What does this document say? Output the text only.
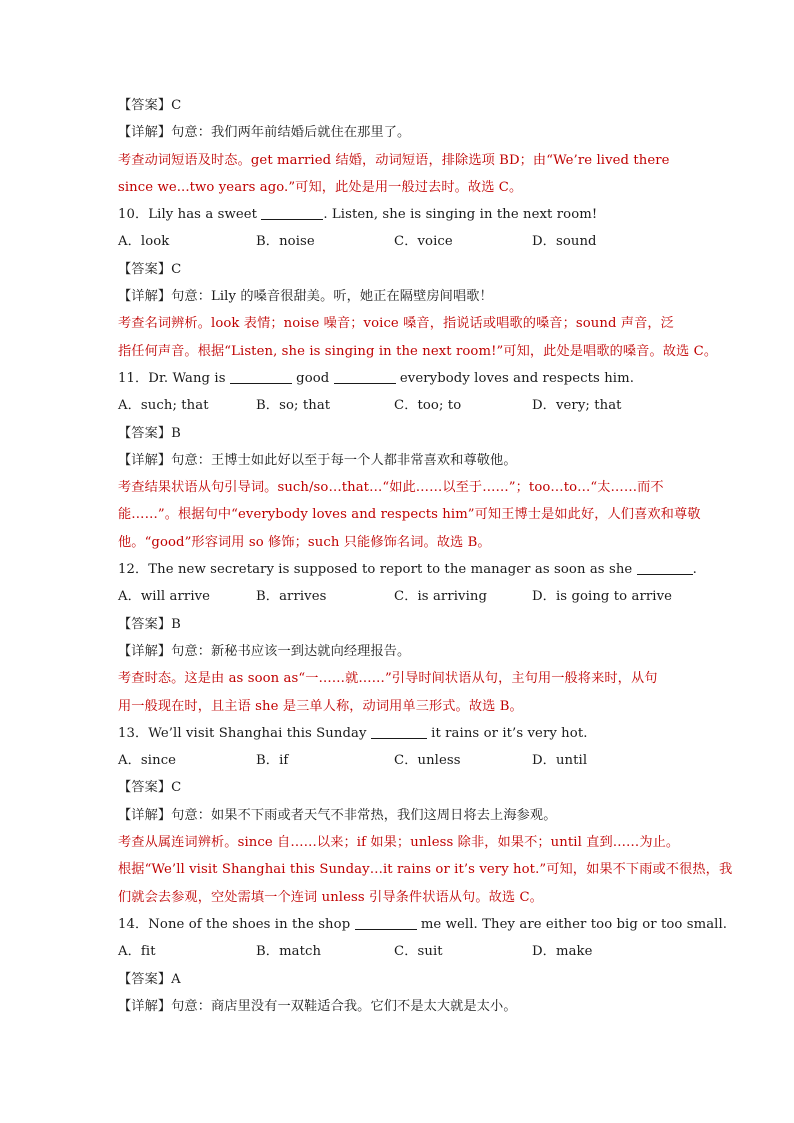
【答案】C
【详解】句意：我们两年前结婚后就住在那里了。
考查动词短语及时态。get married 结婚，动词短语，排除选项 BD；由“We’re lived there
since we...two years ago.”可知，此处是用一般过去时。故选 C。
10．Lily has a sweet	. Listen, she is singing in the next room!
A．look	B．noise	C．voice	D．sound
【答案】C
【详解】句意：Lily 的嗓音很甜美。听，她正在隔壁房间唱歌！
考查名词辨析。look 表情；noise 噪音；voice 嗓音，指说话或唱歌的嗓音；sound 声音，泛
指任何声音。根据“Listen, she is singing in the next room!”可知，此处是唱歌的嗓音。故选 C。
11．Dr. Wang is	good	everybody loves and respects him.
A．such; that	B．so; that	C．too; to	D．very; that
【答案】B
【详解】句意：王博士如此好以至于每一个人都非常喜欢和尊敬他。
考查结果状语从句引导词。such/so…that…“如此……以至于……”；too…to…“太……而不
能……”。根据句中“everybody loves and respects him”可知王博士是如此好，人们喜欢和尊敬
他。“good”形容词用 so 修饰；such 只能修饰名词。故选 B。
12．The new secretary is supposed to report to the manager as soon as she	.
A．will arrive	B．arrives	C．is arriving	D．is going to arrive
【答案】B
【详解】句意：新秘书应该一到达就向经理报告。
考查时态。这是由 as soon as“一……就……”引导时间状语从句，主句用一般将来时，从句
用一般现在时，且主语 she 是三单人称，动词用单三形式。故选 B。
13．We’ll visit Shanghai this Sunday	it rains or it’s very hot.
A．since	B．if	C．unless	D．until
【答案】C
【详解】句意：如果不下雨或者天气不非常热，我们这周日将去上海参观。
考查从属连词辨析。since 自……以来；if 如果；unless 除非，如果不；until 直到……为止。
根据“We’ll visit Shanghai this Sunday…it rains or it’s very hot.”可知，如果不下雨或不很热，我
们就会去参观，空处需填一个连词 unless 引导条件状语从句。故选 C。
14．None of the shoes in the shop	me well. They are either too big or too small.
A．fit	B．match	C．suit	D．make
【答案】A
【详解】句意：商店里没有一双鞋适合我。它们不是太大就是太小。
